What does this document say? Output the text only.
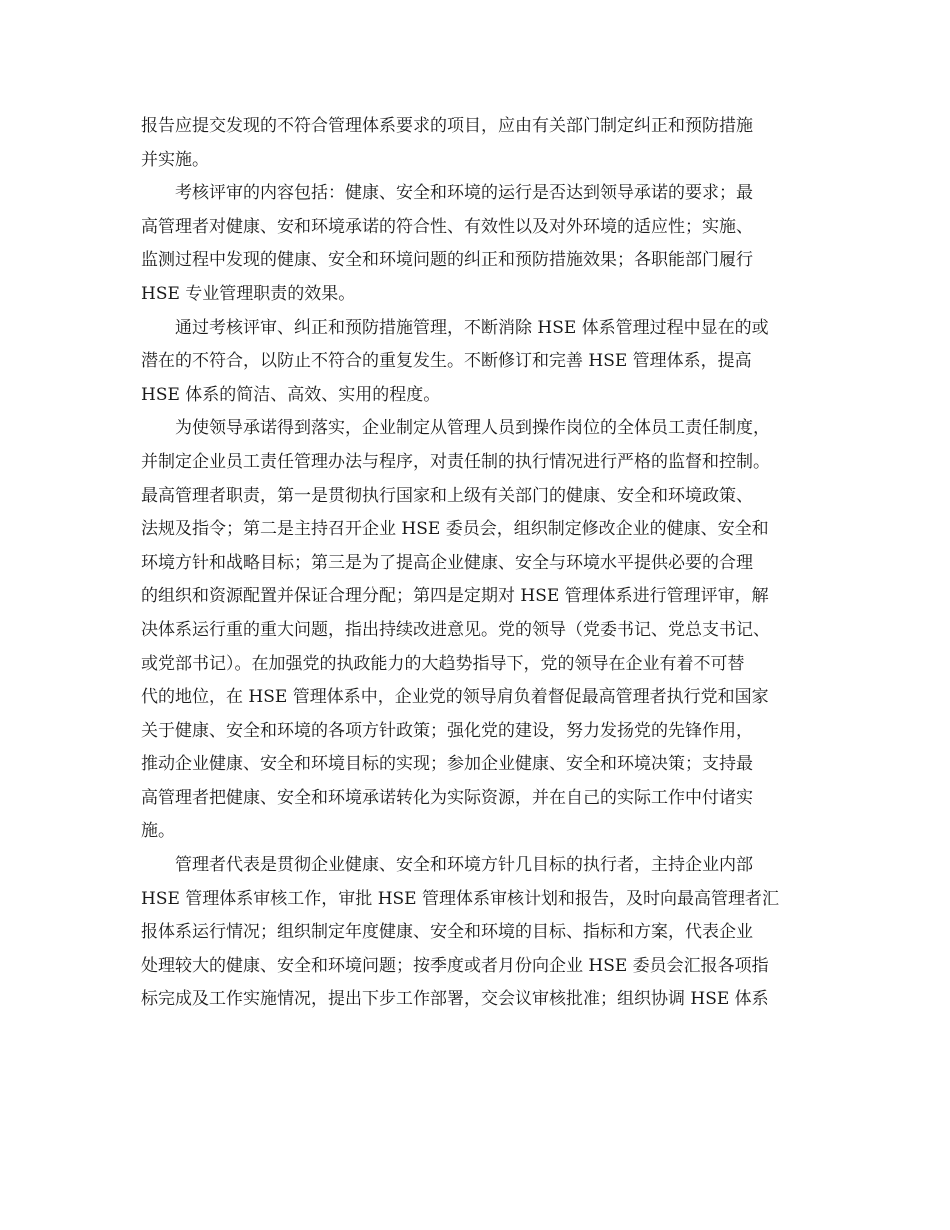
报告应提交发现的不符合管理体系要求的项目，应由有关部门制定纠正和预防措施
并实施。

考核评审的内容包括：健康、安全和环境的运行是否达到领导承诺的要求；最
高管理者对健康、安和环境承诺的符合性、有效性以及对外环境的适应性；实施、
监测过程中发现的健康、安全和环境问题的纠正和预防措施效果；各职能部门履行
HSE 专业管理职责的效果。

通过考核评审、纠正和预防措施管理，不断消除 HSE 体系管理过程中显在的或
潜在的不符合，以防止不符合的重复发生。不断修订和完善 HSE 管理体系，提高
HSE 体系的简洁、高效、实用的程度。

为使领导承诺得到落实，企业制定从管理人员到操作岗位的全体员工责任制度，
并制定企业员工责任管理办法与程序，对责任制的执行情况进行严格的监督和控制。
最高管理者职责，第一是贯彻执行国家和上级有关部门的健康、安全和环境政策、
法规及指令；第二是主持召开企业 HSE 委员会，组织制定修改企业的健康、安全和
环境方针和战略目标；第三是为了提高企业健康、安全与环境水平提供必要的合理
的组织和资源配置并保证合理分配；第四是定期对 HSE 管理体系进行管理评审，解
决体系运行重的重大问题，指出持续改进意见。党的领导（党委书记、党总支书记、
或党部书记）。在加强党的执政能力的大趋势指导下，党的领导在企业有着不可替
代的地位，在 HSE 管理体系中，企业党的领导肩负着督促最高管理者执行党和国家
关于健康、安全和环境的各项方针政策；强化党的建设，努力发扬党的先锋作用，
推动企业健康、安全和环境目标的实现；参加企业健康、安全和环境决策；支持最
高管理者把健康、安全和环境承诺转化为实际资源，并在自己的实际工作中付诸实
施。

管理者代表是贯彻企业健康、安全和环境方针几目标的执行者，主持企业内部
HSE 管理体系审核工作，审批 HSE 管理体系审核计划和报告，及时向最高管理者汇
报体系运行情况；组织制定年度健康、安全和环境的目标、指标和方案，代表企业
处理较大的健康、安全和环境问题；按季度或者月份向企业 HSE 委员会汇报各项指
标完成及工作实施情况，提出下步工作部署，交会议审核批准；组织协调 HSE 体系
